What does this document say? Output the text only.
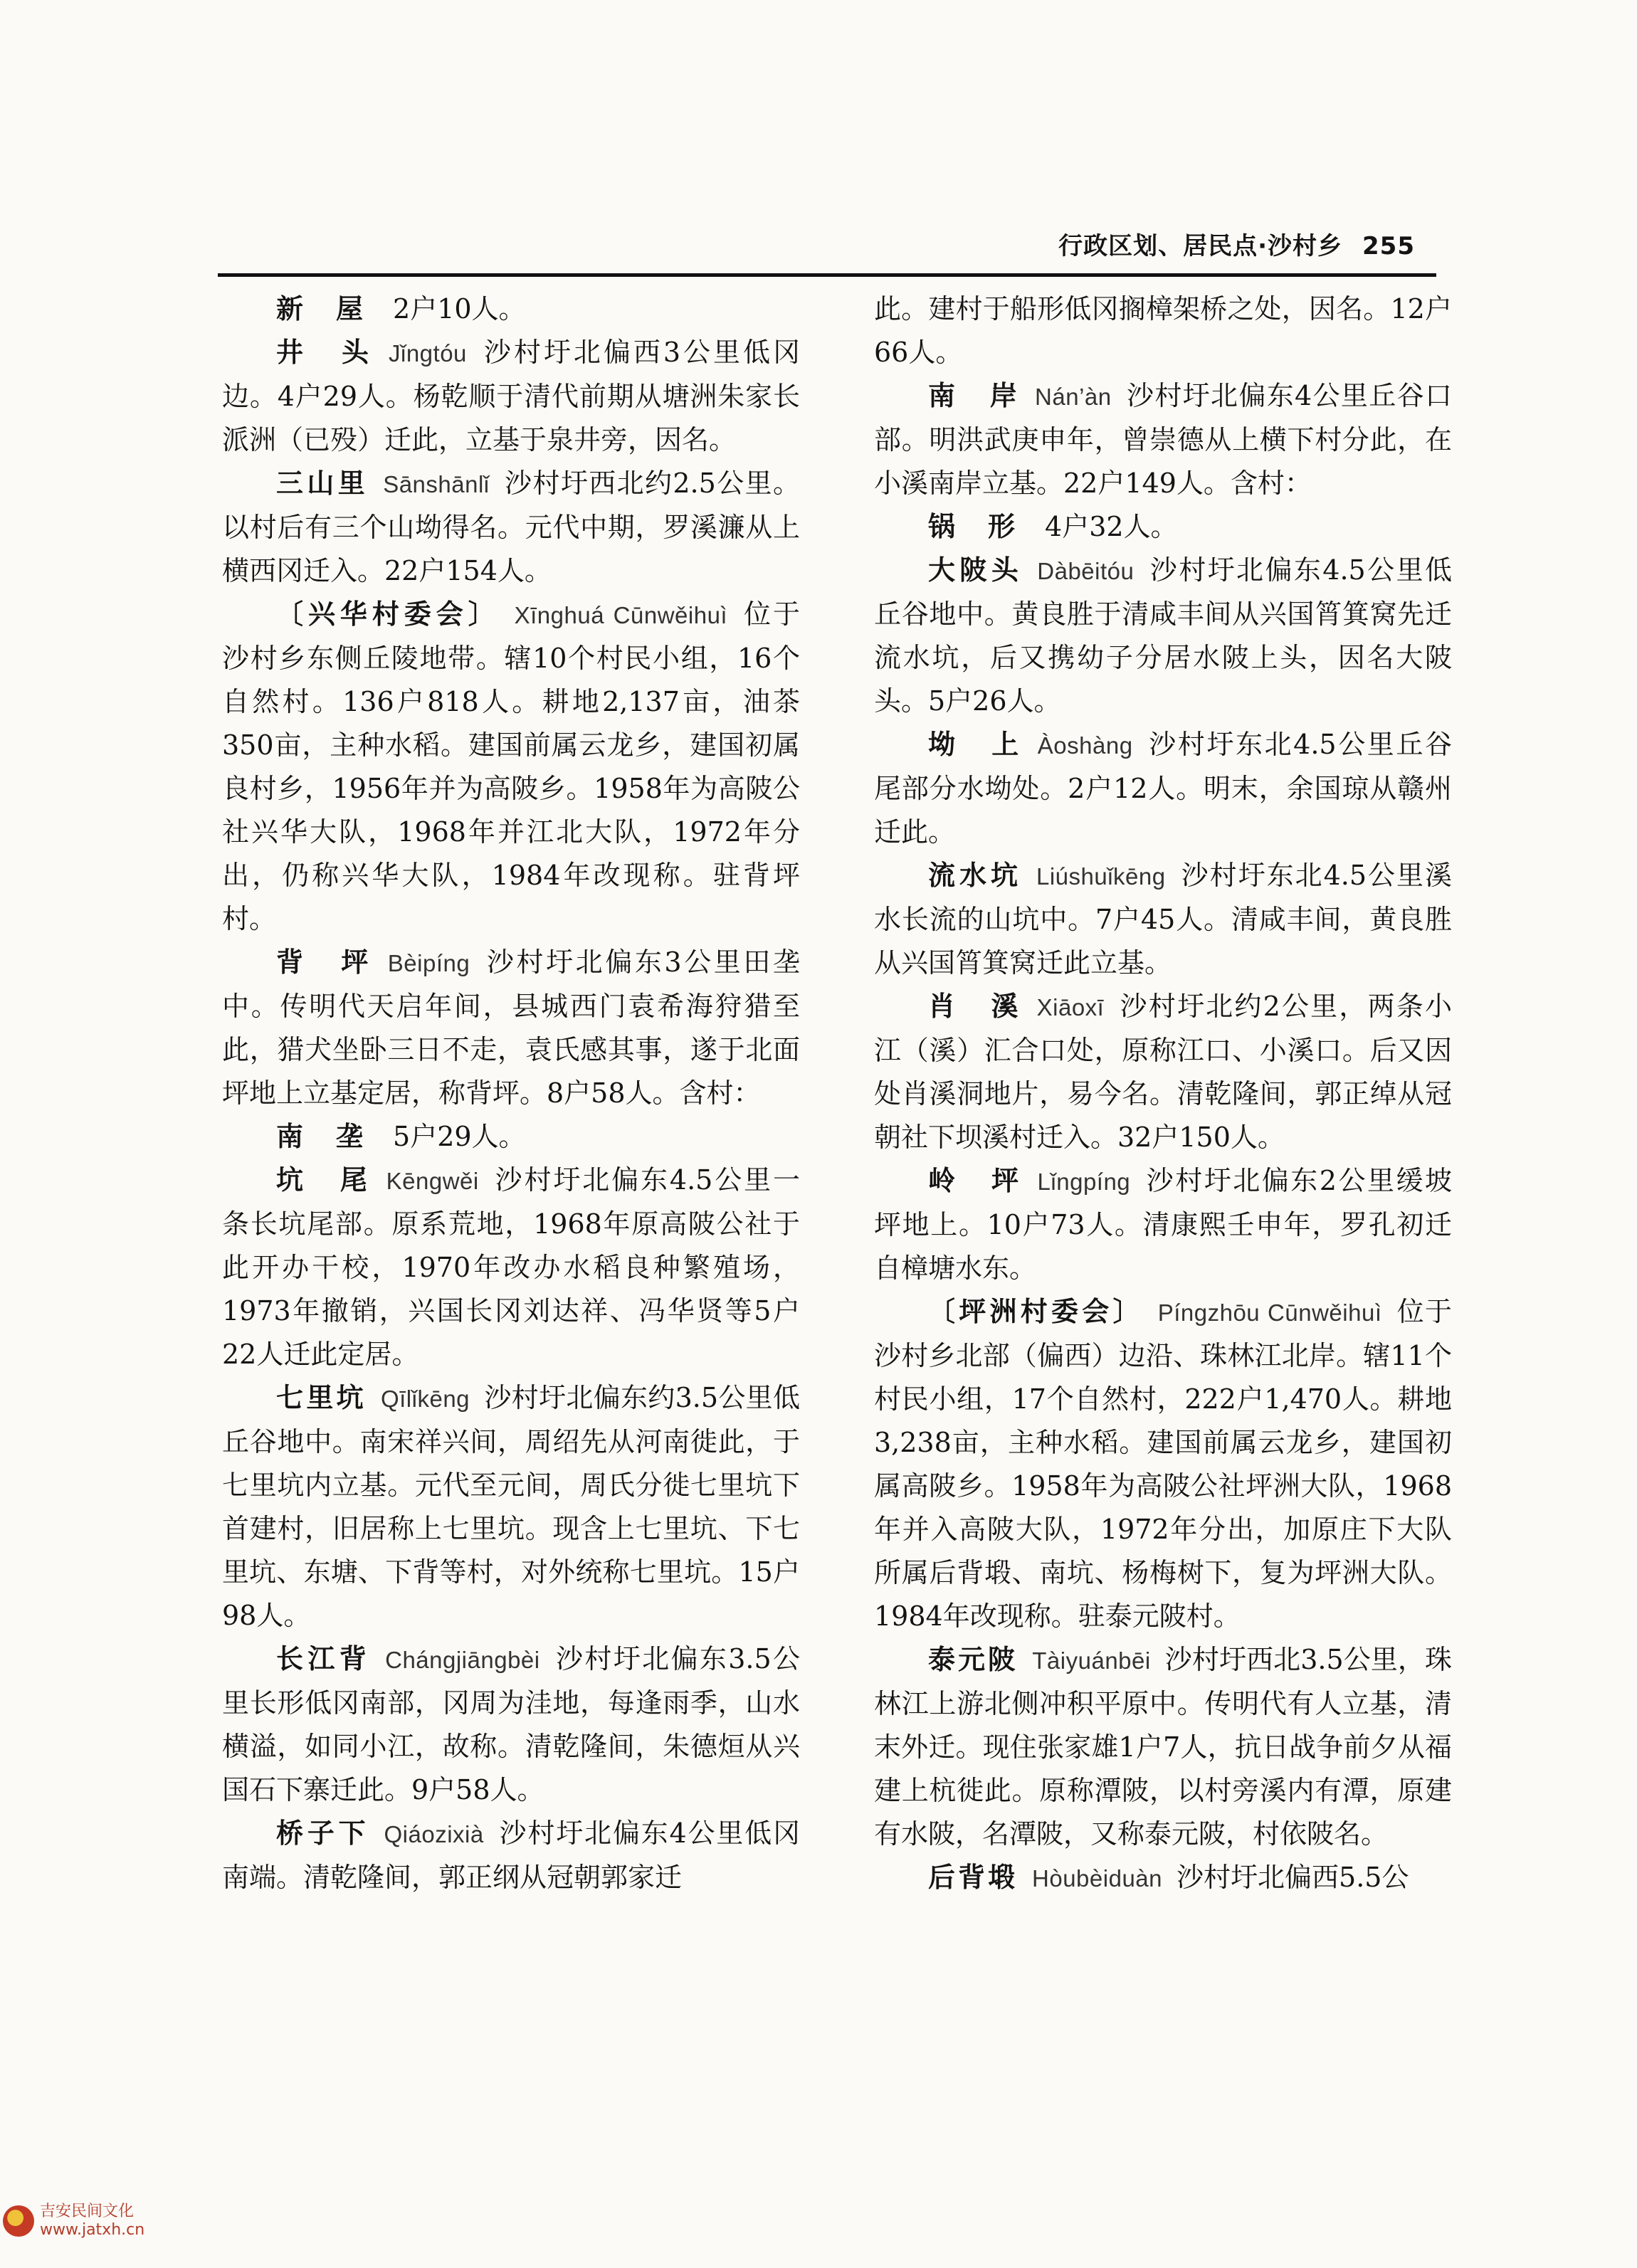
行政区划、居民点·沙村乡 255

新　屋  2户10人。

井　头 Jǐngtóu 沙村圩北偏西3公里低冈边。4户29人。杨乾顺于清代前期从塘洲朱家长派洲（已殁）迁此，立基于泉井旁，因名。

三山里 Sānshānlǐ 沙村圩西北约2.5公里。以村后有三个山坳得名。元代中期，罗溪濂从上横西冈迁入。22户154人。

〔兴华村委会〕 Xīnghuá Cūnwěihuì 位于沙村乡东侧丘陵地带。辖10个村民小组，16个自然村。136户818人。耕地2,137亩，油茶350亩，主种水稻。建国前属云龙乡，建国初属良村乡，1956年并为高陂乡。1958年为高陂公社兴华大队，1968年并江北大队，1972年分出，仍称兴华大队，1984年改现称。驻背坪村。

背　坪 Bèipíng 沙村圩北偏东3公里田垄中。传明代天启年间，县城西门袁希海狩猎至此，猎犬坐卧三日不走，袁氏感其事，遂于北面坪地上立基定居，称背坪。8户58人。含村：

南　垄  5户29人。

坑　尾 Kēngwěi 沙村圩北偏东4.5公里一条长坑尾部。原系荒地，1968年原高陂公社于此开办干校，1970年改办水稻良种繁殖场，1973年撤销，兴国长冈刘达祥、冯华贤等5户22人迁此定居。

七里坑 Qīlǐkēng 沙村圩北偏东约3.5公里低丘谷地中。南宋祥兴间，周绍先从河南徙此，于七里坑内立基。元代至元间，周氏分徙七里坑下首建村，旧居称上七里坑。现含上七里坑、下七里坑、东塘、下背等村，对外统称七里坑。15户98人。

长江背 Chángjiāngbèi 沙村圩北偏东3.5公里长形低冈南部，冈周为洼地，每逢雨季，山水横溢，如同小江，故称。清乾隆间，朱德烜从兴国石下寨迁此。9户58人。

桥子下 Qiáozixià 沙村圩北偏东4公里低冈南端。清乾隆间，郭正纲从冠朝郭家迁

此。建村于船形低冈搁樟架桥之处，因名。12户66人。

南　岸 Nán’àn 沙村圩北偏东4公里丘谷口部。明洪武庚申年，曾崇德从上横下村分此，在小溪南岸立基。22户149人。含村：

锅　形  4户32人。

大陂头 Dàbēitóu 沙村圩北偏东4.5公里低丘谷地中。黄良胜于清咸丰间从兴国筲箕窝先迁流水坑，后又携幼子分居水陂上头，因名大陂头。5户26人。

坳　上 Àoshàng 沙村圩东北4.5公里丘谷尾部分水坳处。2户12人。明末，余国琼从赣州迁此。

流水坑 Liúshuǐkēng 沙村圩东北4.5公里溪水长流的山坑中。7户45人。清咸丰间，黄良胜从兴国筲箕窝迁此立基。

肖　溪 Xiāoxī 沙村圩北约2公里，两条小江（溪）汇合口处，原称江口、小溪口。后又因处肖溪洞地片，易今名。清乾隆间，郭正绰从冠朝社下坝溪村迁入。32户150人。

岭　坪 Lǐngpíng 沙村圩北偏东2公里缓坡坪地上。10户73人。清康熙壬申年，罗孔初迁自樟塘水东。

〔坪洲村委会〕 Píngzhōu Cūnwěihuì 位于沙村乡北部（偏西）边沿、珠林江北岸。辖11个村民小组，17个自然村，222户1,470人。耕地3,238亩，主种水稻。建国前属云龙乡，建国初属高陂乡。1958年为高陂公社坪洲大队，1968年并入高陂大队，1972年分出，加原庄下大队所属后背塅、南坑、杨梅树下，复为坪洲大队。1984年改现称。驻泰元陂村。

泰元陂 Tàiyuánbēi 沙村圩西北3.5公里，珠林江上游北侧冲积平原中。传明代有人立基，清末外迁。现住张家雄1户7人，抗日战争前夕从福建上杭徙此。原称潭陂，以村旁溪内有潭，原建有水陂，名潭陂，又称泰元陂，村依陂名。

后背塅 Hòubèiduàn 沙村圩北偏西5.5公

吉安民间文化
www.jatxh.cn
